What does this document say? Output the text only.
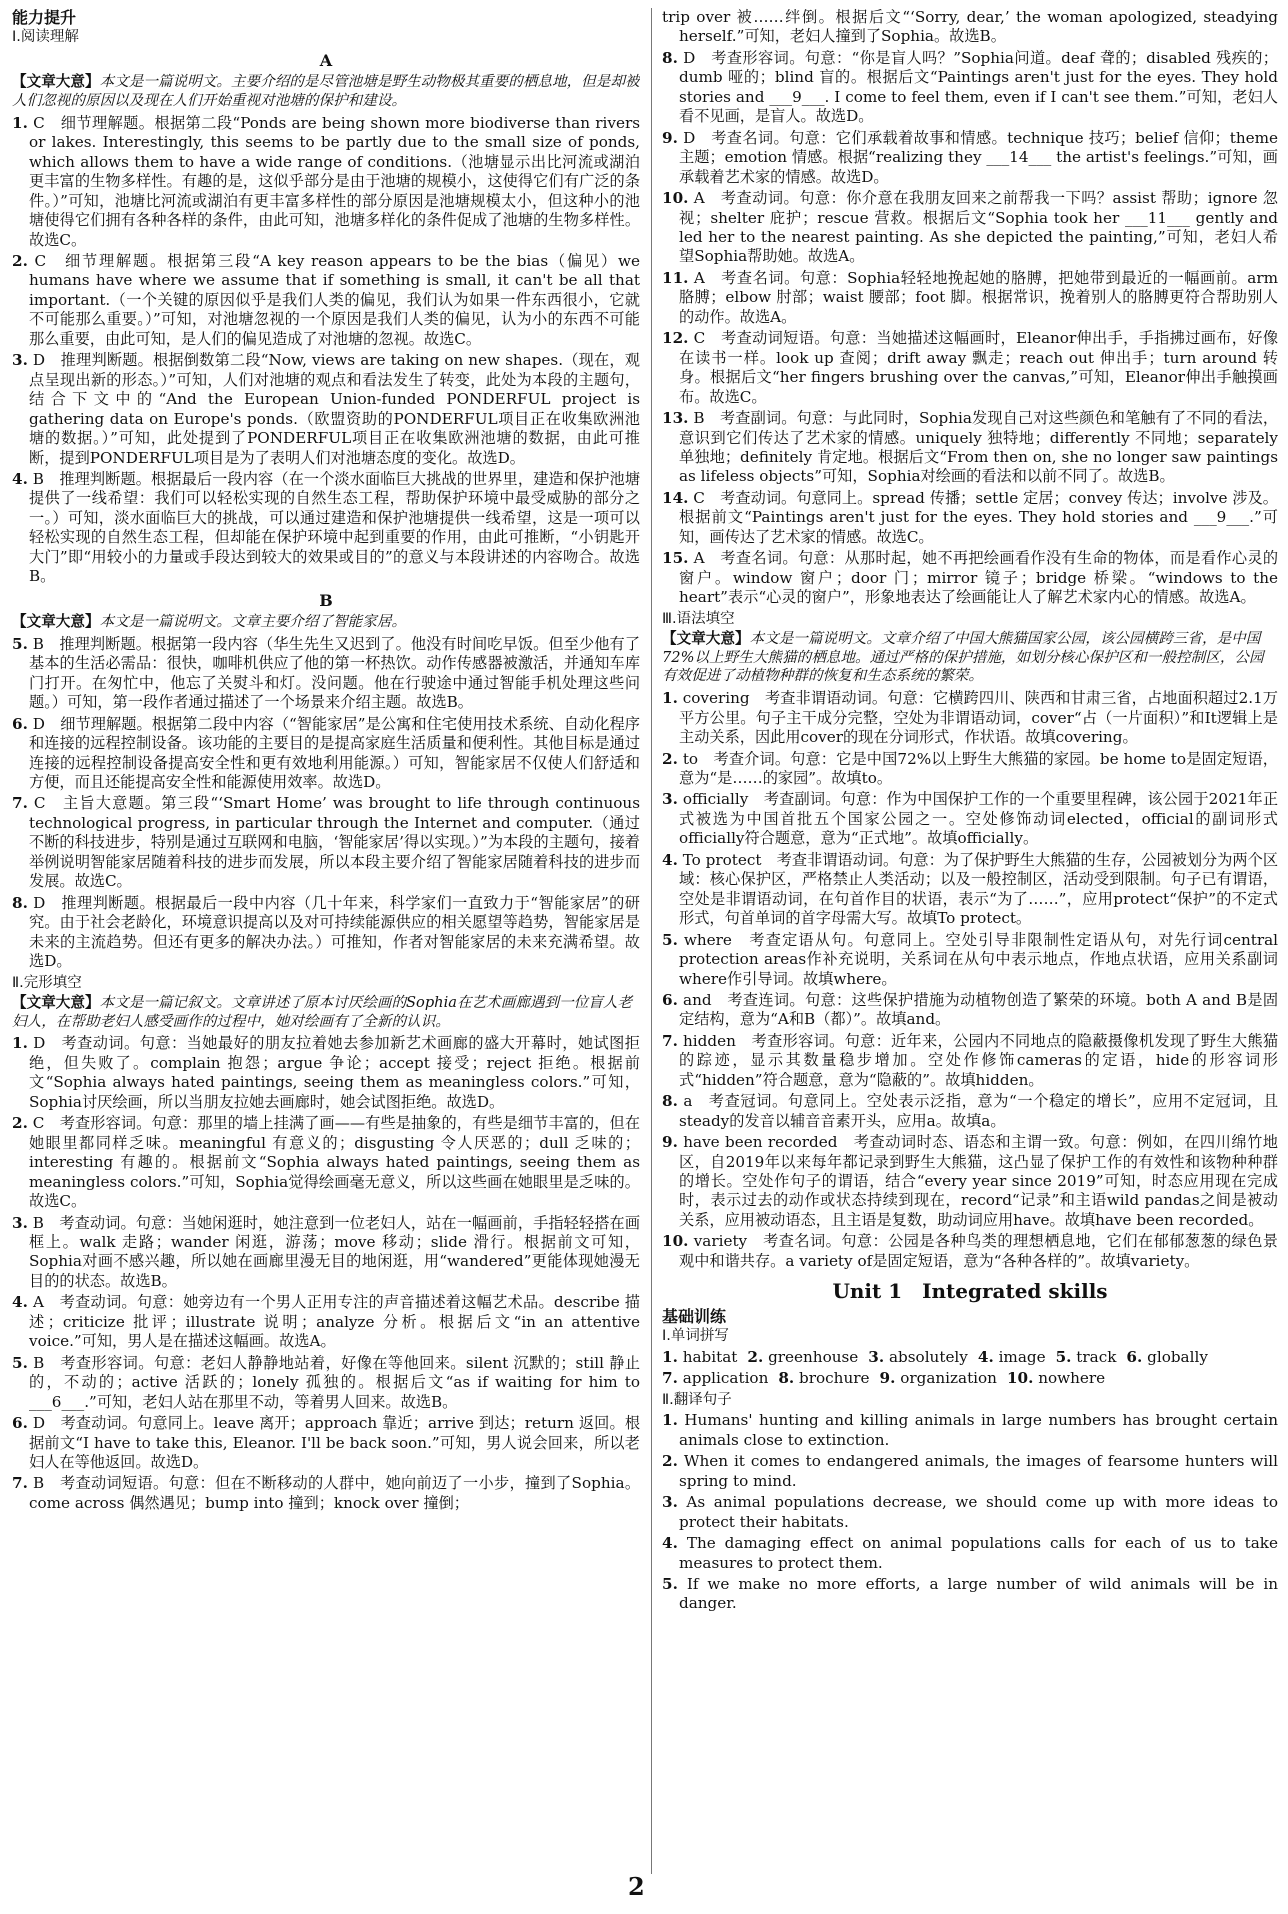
能力提升

Ⅰ.阅读理解

A

【文章大意】本文是一篇说明文。主要介绍的是尽管池塘是野生动物极其重要的栖息地，但是却被人们忽视的原因以及现在人们开始重视对池塘的保护和建设。

1. C　细节理解题。根据第二段“Ponds are being shown more biodiverse than rivers or lakes. Interestingly, this seems to be partly due to the small size of ponds, which allows them to have a wide range of conditions.（池塘显示出比河流或湖泊更丰富的生物多样性。有趣的是，这似乎部分是由于池塘的规模小，这使得它们有广泛的条件。）”可知，池塘比河流或湖泊有更丰富多样性的部分原因是池塘规模太小，但这种小的池塘使得它们拥有各种各样的条件，由此可知，池塘多样化的条件促成了池塘的生物多样性。故选C。

2. C　细节理解题。根据第三段“A key reason appears to be the bias（偏见）we humans have where we assume that if something is small, it can't be all that important.（一个关键的原因似乎是我们人类的偏见，我们认为如果一件东西很小，它就不可能那么重要。）”可知，对池塘忽视的一个原因是我们人类的偏见，认为小的东西不可能那么重要，由此可知，是人们的偏见造成了对池塘的忽视。故选C。

3. D　推理判断题。根据倒数第二段“Now, views are taking on new shapes.（现在，观点呈现出新的形态。）”可知，人们对池塘的观点和看法发生了转变，此处为本段的主题句，结合下文中的“And the European Union-funded PONDERFUL project is gathering data on Europe's ponds.（欧盟资助的PONDERFUL项目正在收集欧洲池塘的数据。）”可知，此处提到了PONDERFUL项目正在收集欧洲池塘的数据，由此可推断，提到PONDERFUL项目是为了表明人们对池塘态度的变化。故选D。

4. B　推理判断题。根据最后一段内容（在一个淡水面临巨大挑战的世界里，建造和保护池塘提供了一线希望：我们可以轻松实现的自然生态工程，帮助保护环境中最受威胁的部分之一。）可知，淡水面临巨大的挑战，可以通过建造和保护池塘提供一线希望，这是一项可以轻松实现的自然生态工程，但却能在保护环境中起到重要的作用，由此可推断，“小钥匙开大门”即“用较小的力量或手段达到较大的效果或目的”的意义与本段讲述的内容吻合。故选B。

B

【文章大意】本文是一篇说明文。文章主要介绍了智能家居。

5. B　推理判断题。根据第一段内容（华生先生又迟到了。他没有时间吃早饭。但至少他有了基本的生活必需品：很快，咖啡机供应了他的第一杯热饮。动作传感器被激活，并通知车库门打开。在匆忙中，他忘了关熨斗和灯。没问题。他在行驶途中通过智能手机处理这些问题。）可知，第一段作者通过描述了一个场景来介绍主题。故选B。

6. D　细节理解题。根据第二段中内容（“智能家居”是公寓和住宅使用技术系统、自动化程序和连接的远程控制设备。该功能的主要目的是提高家庭生活质量和便利性。其他目标是通过连接的远程控制设备提高安全性和更有效地利用能源。）可知，智能家居不仅使人们舒适和方便，而且还能提高安全性和能源使用效率。故选D。

7. C　主旨大意题。第三段“‘Smart Home’ was brought to life through continuous technological progress, in particular through the Internet and computer.（通过不断的科技进步，特别是通过互联网和电脑，‘智能家居’得以实现。）”为本段的主题句，接着举例说明智能家居随着科技的进步而发展，所以本段主要介绍了智能家居随着科技的进步而发展。故选C。

8. D　推理判断题。根据最后一段中内容（几十年来，科学家们一直致力于“智能家居”的研究。由于社会老龄化，环境意识提高以及对可持续能源供应的相关愿望等趋势，智能家居是未来的主流趋势。但还有更多的解决办法。）可推知，作者对智能家居的未来充满希望。故选D。

Ⅱ.完形填空

【文章大意】本文是一篇记叙文。文章讲述了原本讨厌绘画的Sophia在艺术画廊遇到一位盲人老妇人，在帮助老妇人感受画作的过程中，她对绘画有了全新的认识。

1. D　考查动词。句意：当她最好的朋友拉着她去参加新艺术画廊的盛大开幕时，她试图拒绝，但失败了。complain 抱怨；argue 争论；accept 接受；reject 拒绝。根据前文“Sophia always hated paintings, seeing them as meaningless colors.”可知，Sophia讨厌绘画，所以当朋友拉她去画廊时，她会试图拒绝。故选D。

2. C　考查形容词。句意：那里的墙上挂满了画——有些是抽象的，有些是细节丰富的，但在她眼里都同样乏味。meaningful 有意义的；disgusting 令人厌恶的；dull 乏味的；interesting 有趣的。根据前文“Sophia always hated paintings, seeing them as meaningless colors.”可知，Sophia觉得绘画毫无意义，所以这些画在她眼里是乏味的。故选C。

3. B　考查动词。句意：当她闲逛时，她注意到一位老妇人，站在一幅画前，手指轻轻搭在画框上。walk 走路；wander 闲逛，游荡；move 移动；slide 滑行。根据前文可知，Sophia对画不感兴趣，所以她在画廊里漫无目的地闲逛，用“wandered”更能体现她漫无目的的状态。故选B。

4. A　考查动词。句意：她旁边有一个男人正用专注的声音描述着这幅艺术品。describe 描述；criticize 批评；illustrate 说明；analyze 分析。根据后文“in an attentive voice.”可知，男人是在描述这幅画。故选A。

5. B　考查形容词。句意：老妇人静静地站着，好像在等他回来。silent 沉默的；still 静止的，不动的；active 活跃的；lonely 孤独的。根据后文“as if waiting for him to ___6___.”可知，老妇人站在那里不动，等着男人回来。故选B。

6. D　考查动词。句意同上。leave 离开；approach 靠近；arrive 到达；return 返回。根据前文“I have to take this, Eleanor. I'll be back soon.”可知，男人说会回来，所以老妇人在等他返回。故选D。

7. B　考查动词短语。句意：但在不断移动的人群中，她向前迈了一小步，撞到了Sophia。come across 偶然遇见；bump into 撞到；knock over 撞倒；

trip over 被……绊倒。根据后文“‘Sorry, dear,’ the woman apologized, steadying herself.”可知，老妇人撞到了Sophia。故选B。

8. D　考查形容词。句意：“你是盲人吗？”Sophia问道。deaf 聋的；disabled 残疾的；dumb 哑的；blind 盲的。根据后文“Paintings aren't just for the eyes. They hold stories and ___9___. I come to feel them, even if I can't see them.”可知，老妇人看不见画，是盲人。故选D。

9. D　考查名词。句意：它们承载着故事和情感。technique 技巧；belief 信仰；theme 主题；emotion 情感。根据“realizing they ___14___ the artist's feelings.”可知，画承载着艺术家的情感。故选D。

10. A　考查动词。句意：你介意在我朋友回来之前帮我一下吗？assist 帮助；ignore 忽视；shelter 庇护；rescue 营救。根据后文“Sophia took her ___11___ gently and led her to the nearest painting. As she depicted the painting,”可知，老妇人希望Sophia帮助她。故选A。

11. A　考查名词。句意：Sophia轻轻地挽起她的胳膊，把她带到最近的一幅画前。arm 胳膊；elbow 肘部；waist 腰部；foot 脚。根据常识，挽着别人的胳膊更符合帮助别人的动作。故选A。

12. C　考查动词短语。句意：当她描述这幅画时，Eleanor伸出手，手指拂过画布，好像在读书一样。look up 查阅；drift away 飘走；reach out 伸出手；turn around 转身。根据后文“her fingers brushing over the canvas,”可知，Eleanor伸出手触摸画布。故选C。

13. B　考查副词。句意：与此同时，Sophia发现自己对这些颜色和笔触有了不同的看法，意识到它们传达了艺术家的情感。uniquely 独特地；differently 不同地；separately 单独地；definitely 肯定地。根据后文“From then on, she no longer saw paintings as lifeless objects”可知，Sophia对绘画的看法和以前不同了。故选B。

14. C　考查动词。句意同上。spread 传播；settle 定居；convey 传达；involve 涉及。根据前文“Paintings aren't just for the eyes. They hold stories and ___9___.”可知，画传达了艺术家的情感。故选C。

15. A　考查名词。句意：从那时起，她不再把绘画看作没有生命的物体，而是看作心灵的窗户。window 窗户；door 门；mirror 镜子；bridge 桥梁。“windows to the heart”表示“心灵的窗户”，形象地表达了绘画能让人了解艺术家内心的情感。故选A。

Ⅲ.语法填空

【文章大意】本文是一篇说明文。文章介绍了中国大熊猫国家公园，该公园横跨三省，是中国72%以上野生大熊猫的栖息地。通过严格的保护措施，如划分核心保护区和一般控制区，公园有效促进了动植物种群的恢复和生态系统的繁荣。

1. covering　考查非谓语动词。句意：它横跨四川、陕西和甘肃三省，占地面积超过2.1万平方公里。句子主干成分完整，空处为非谓语动词，cover“占（一片面积）”和It逻辑上是主动关系，因此用cover的现在分词形式，作状语。故填covering。

2. to　考查介词。句意：它是中国72%以上野生大熊猫的家园。be home to是固定短语，意为“是……的家园”。故填to。

3. officially　考查副词。句意：作为中国保护工作的一个重要里程碑，该公园于2021年正式被选为中国首批五个国家公园之一。空处修饰动词elected，official的副词形式officially符合题意，意为“正式地”。故填officially。

4. To protect　考查非谓语动词。句意：为了保护野生大熊猫的生存，公园被划分为两个区域：核心保护区，严格禁止人类活动；以及一般控制区，活动受到限制。句子已有谓语，空处是非谓语动词，在句首作目的状语，表示“为了……”，应用protect“保护”的不定式形式，句首单词的首字母需大写。故填To protect。

5. where　考查定语从句。句意同上。空处引导非限制性定语从句，对先行词central protection areas作补充说明，关系词在从句中表示地点，作地点状语，应用关系副词where作引导词。故填where。

6. and　考查连词。句意：这些保护措施为动植物创造了繁荣的环境。both A and B是固定结构，意为“A和B（都）”。故填and。

7. hidden　考查形容词。句意：近年来，公园内不同地点的隐蔽摄像机发现了野生大熊猫的踪迹，显示其数量稳步增加。空处作修饰cameras的定语，hide的形容词形式“hidden”符合题意，意为“隐蔽的”。故填hidden。

8. a　考查冠词。句意同上。空处表示泛指，意为“一个稳定的增长”，应用不定冠词，且steady的发音以辅音音素开头，应用a。故填a。

9. have been recorded　考查动词时态、语态和主谓一致。句意：例如，在四川绵竹地区，自2019年以来每年都记录到野生大熊猫，这凸显了保护工作的有效性和该物种种群的增长。空处作句子的谓语，结合“every year since 2019”可知，时态应用现在完成时，表示过去的动作或状态持续到现在，record“记录”和主语wild pandas之间是被动关系，应用被动语态，且主语是复数，助动词应用have。故填have been recorded。

10. variety　考查名词。句意：公园是各种鸟类的理想栖息地，它们在郁郁葱葱的绿色景观中和谐共存。a variety of是固定短语，意为“各种各样的”。故填variety。

Unit 1　Integrated skills

基础训练

Ⅰ.单词拼写

1. habitat 2. greenhouse 3. absolutely 4. image 5. track 6. globally
7. application 8. brochure 9. organization 10. nowhere

Ⅱ.翻译句子

1. Humans' hunting and killing animals in large numbers has brought certain animals close to extinction.

2. When it comes to endangered animals, the images of fearsome hunters will spring to mind.

3. As animal populations decrease, we should come up with more ideas to protect their habitats.

4. The damaging effect on animal populations calls for each of us to take measures to protect them.

5. If we make no more efforts, a large number of wild animals will be in danger.

2
